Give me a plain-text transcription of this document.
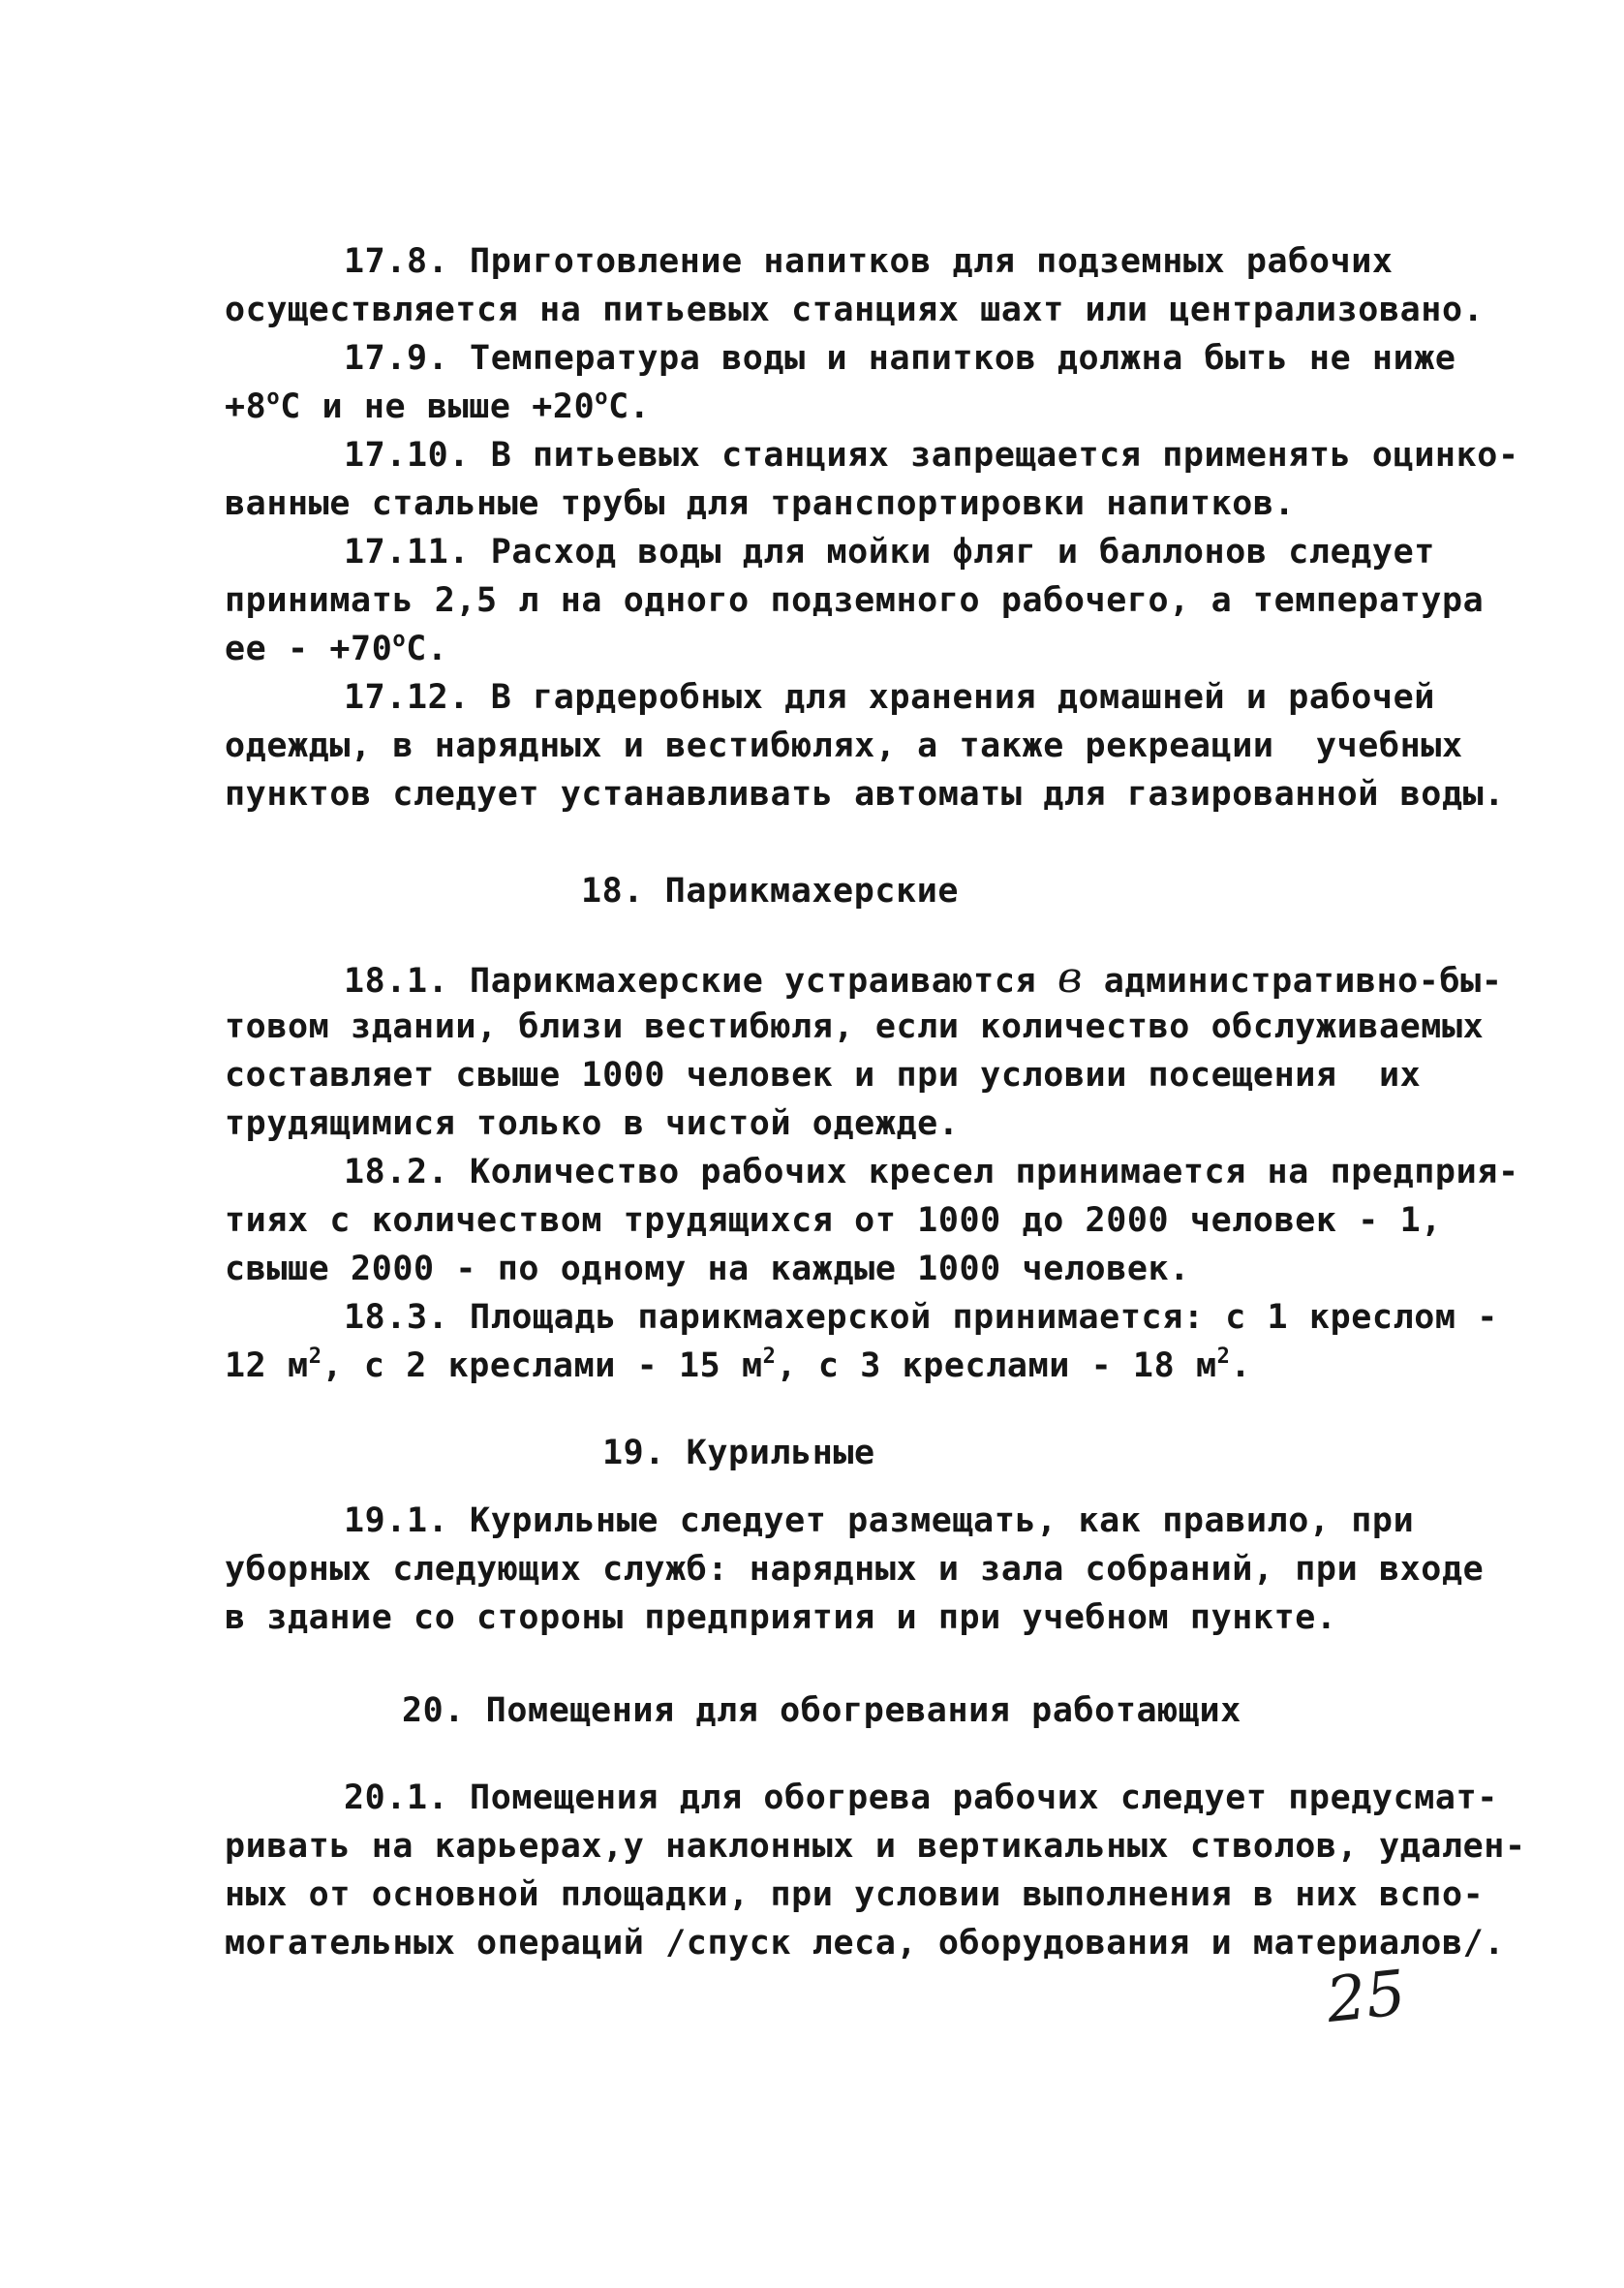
17.8. Приготовление напитков для подземных рабочих
осуществляется на питьевых станциях шахт или централизовано.
17.9. Температура воды и напитков должна быть не ниже
$+8^oC$ и не выше $+20^oC$.
17.10. В питьевых станциях запрещается применять оцинко-
ванные стальные трубы для транспортировки напитков.
17.11. Расход воды для мойки фляг и баллонов следует
принимать 2,5 л на одного подземного рабочего, а температура
ее - $+70^oC$.
17.12. В гардеробных для хранения домашней и рабочей
одежды, в нарядных и вестибюлях, а также рекреации  учебных
пунктов следует устанавливать автоматы для газированной воды.
18. Парикмахерские
18.1. Парикмахерские устраиваются в административно-бы-
товом здании, близи вестибюля, если количество обслуживаемых
составляет свыше 1000 человек и при условии посещения  их
трудящимися только в чистой одежде.
18.2. Количество рабочих кресел принимается на предприя-
тиях с количеством трудящихся от 1000 до 2000 человек - 1,
свыше 2000 - по одному на каждые 1000 человек.
18.3. Площадь парикмахерской принимается: с 1 креслом -
12 $м^2$, с 2 креслами - 15 $м^2$, с 3 креслами - 18 $м^2$.
19. Курильные
19.1. Курильные следует размещать, как правило, при
уборных следующих служб: нарядных и зала собраний, при входе
в здание со стороны предприятия и при учебном пункте.
20. Помещения для обогревания работающих
20.1. Помещения для обогрева рабочих следует предусмат-
ривать на карьерах,у наклонных и вертикальных стволов, удален-
ных от основной площадки, при условии выполнения в них вспо-
могательных операций /спуск леса, оборудования и материалов/.
25
